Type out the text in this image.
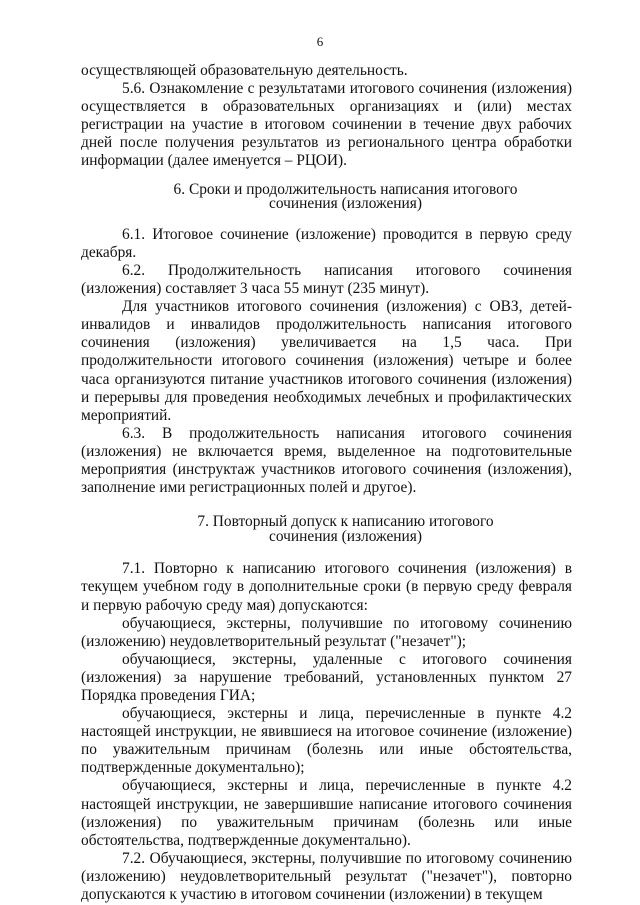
6

осуществляющей образовательную деятельность.

5.6. Ознакомление с результатами итогового сочинения (изложения) осуществляется в образовательных организациях и (или) местах регистрации на участие в итоговом сочинении в течение двух рабочих дней после получения результатов из регионального центра обработки информации (далее именуется – РЦОИ).

6. Сроки и продолжительность написания итогового
сочинения (изложения)

6.1. Итоговое сочинение (изложение) проводится в первую среду декабря.

6.2. Продолжительность написания итогового сочинения (изложения) составляет 3 часа 55 минут (235 минут).

Для участников итогового сочинения (изложения) с ОВЗ, детей-инвалидов и инвалидов продолжительность написания итогового сочинения (изложения) увеличивается на 1,5 часа. При продолжительности итогового сочинения (изложения) четыре и более часа организуются питание участников итогового сочинения (изложения) и перерывы для проведения необходимых лечебных и профилактических мероприятий.

6.3. В продолжительность написания итогового сочинения (изложения) не включается время, выделенное на подготовительные мероприятия (инструктаж участников итогового сочинения (изложения), заполнение ими регистрационных полей и другое).

7. Повторный допуск к написанию итогового
сочинения (изложения)

7.1. Повторно к написанию итогового сочинения (изложения) в текущем учебном году в дополнительные сроки (в первую среду февраля и первую рабочую среду мая) допускаются:

обучающиеся, экстерны, получившие по итоговому сочинению (изложению) неудовлетворительный результат ("незачет");

обучающиеся, экстерны, удаленные с итогового сочинения (изложения) за нарушение требований, установленных пунктом 27 Порядка проведения ГИА;

обучающиеся, экстерны и лица, перечисленные в пункте 4.2 настоящей инструкции, не явившиеся на итоговое сочинение (изложение) по уважительным причинам (болезнь или иные обстоятельства, подтвержденные документально);

обучающиеся, экстерны и лица, перечисленные в пункте 4.2 настоящей инструкции, не завершившие написание итогового сочинения (изложения) по уважительным причинам (болезнь или иные обстоятельства, подтвержденные документально).

7.2. Обучающиеся, экстерны, получившие по итоговому сочинению (изложению) неудовлетворительный результат ("незачет"), повторно допускаются к участию в итоговом сочинении (изложении) в текущем
